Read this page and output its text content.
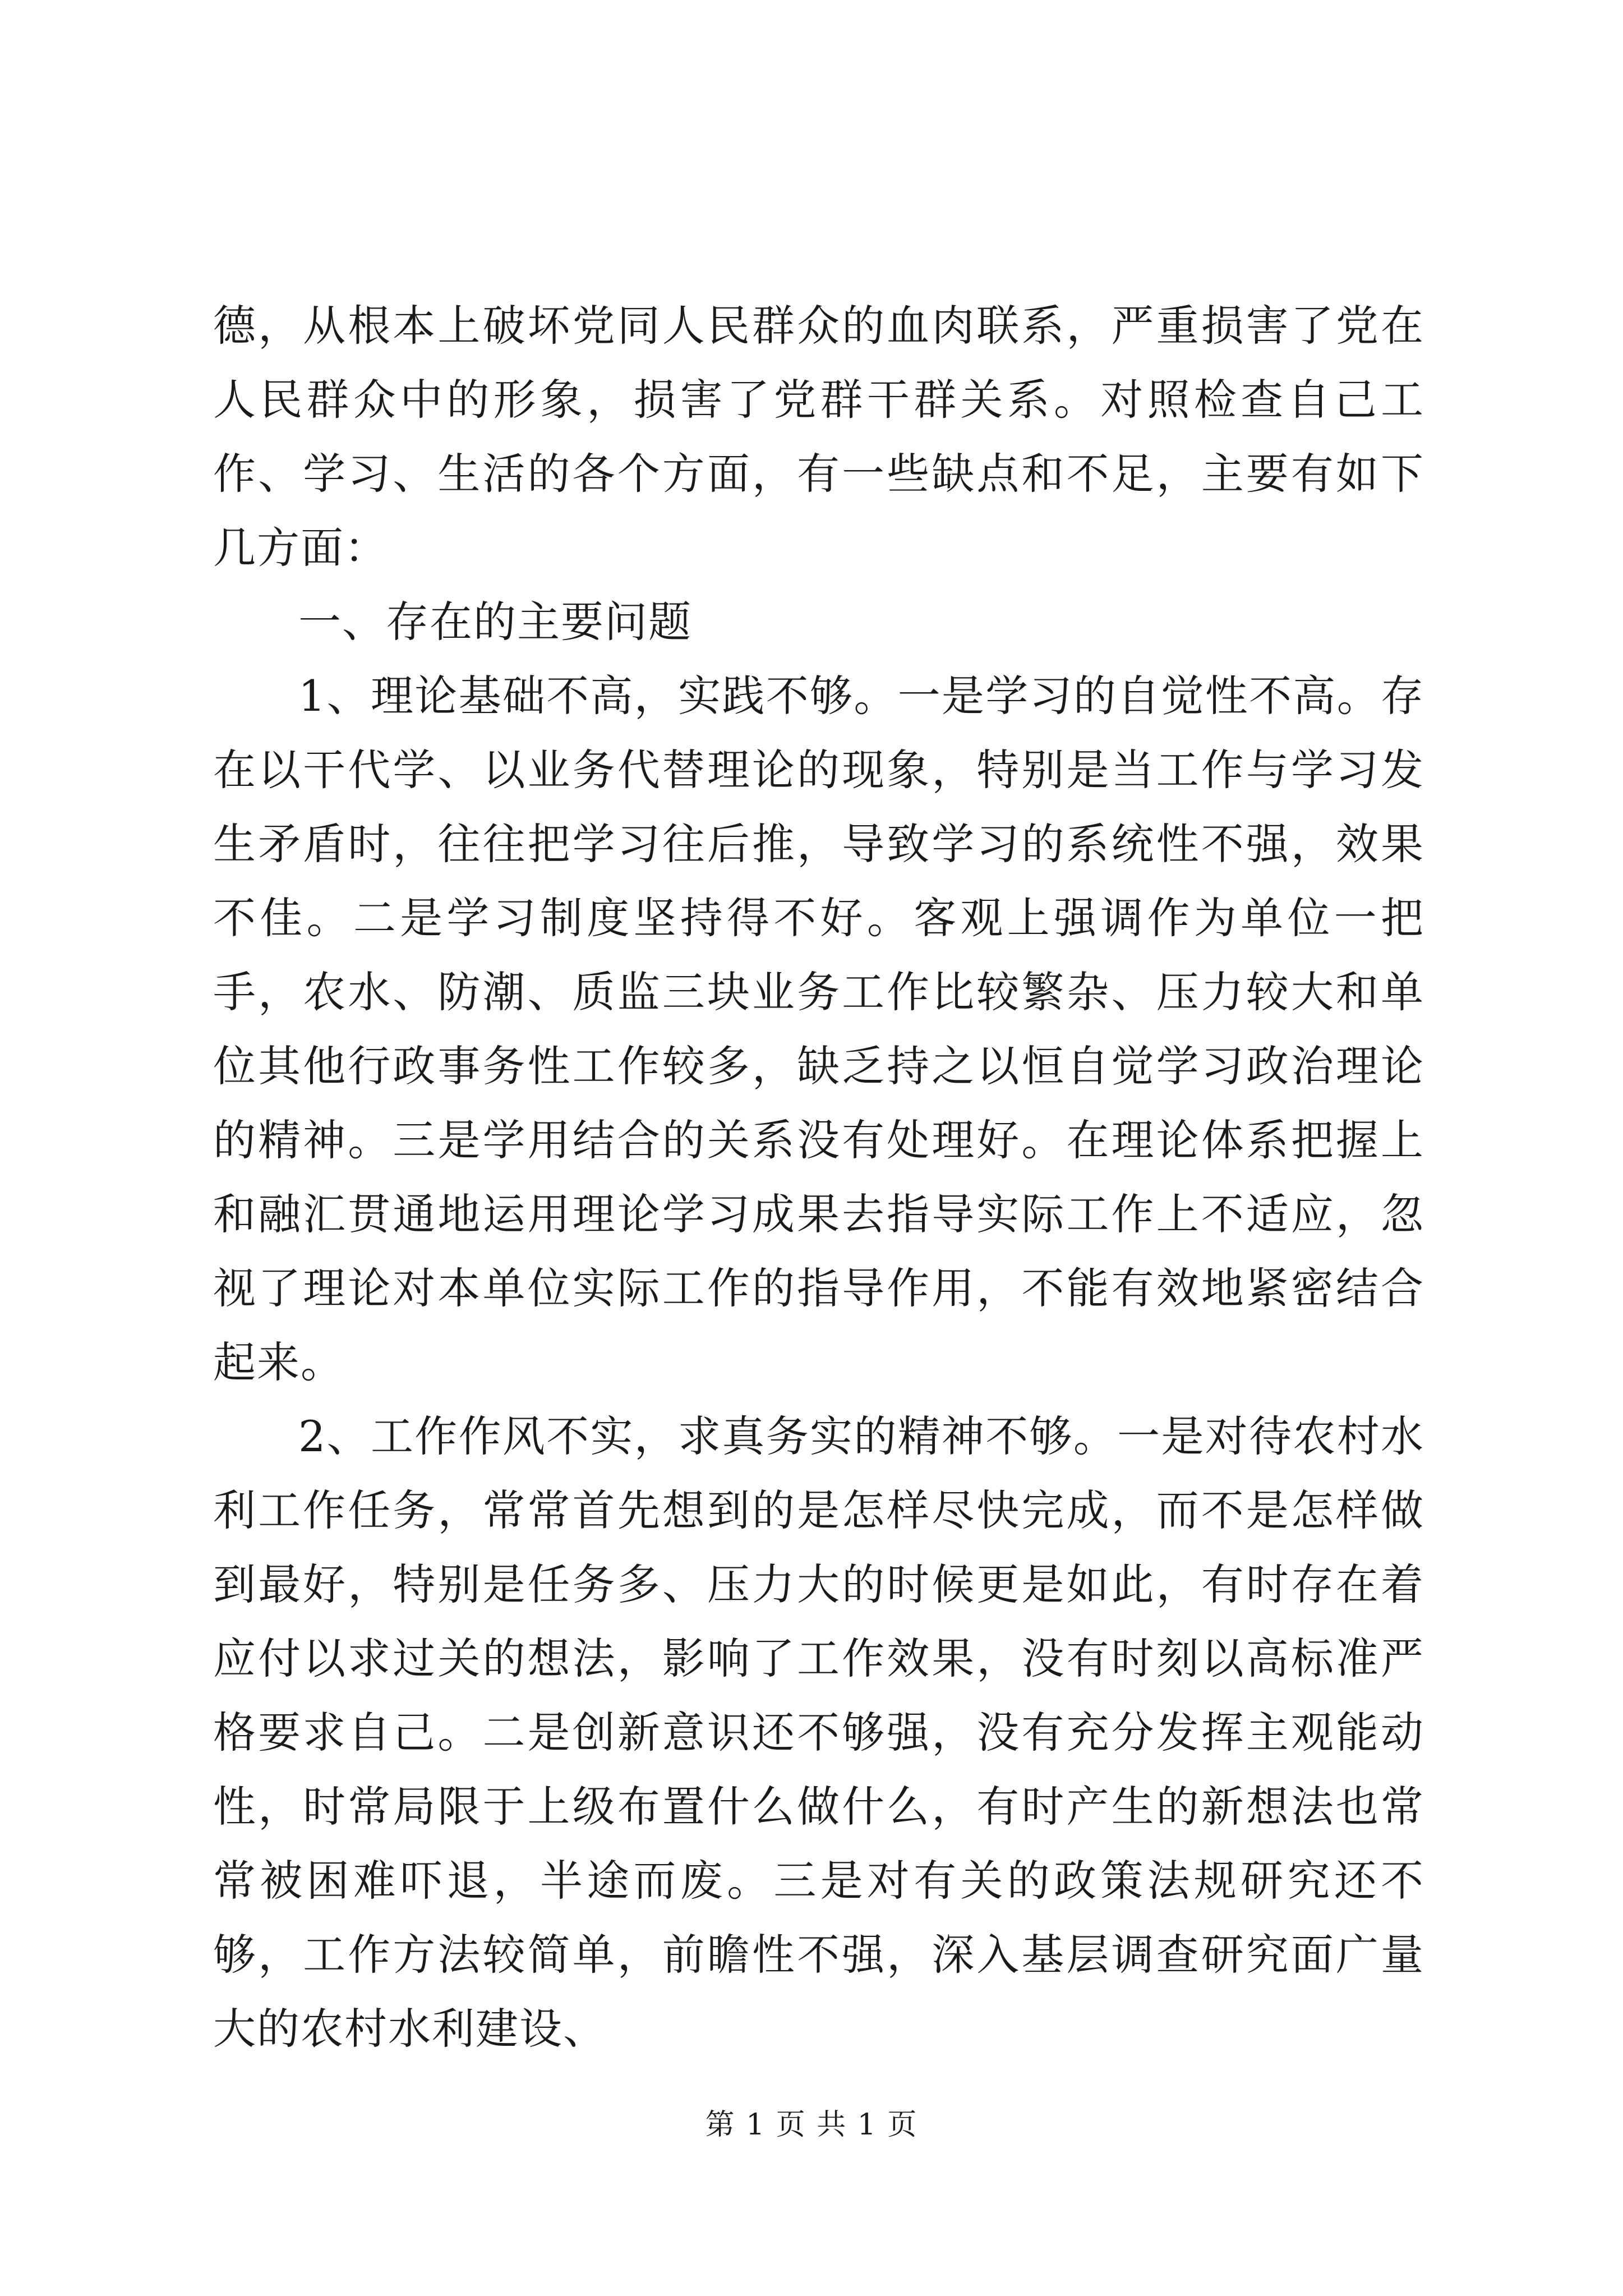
德，从根本上破坏党同人民群众的血肉联系，严重损害了党在人民群众中的形象，损害了党群干群关系。对照检查自己工作、学习、生活的各个方面，有一些缺点和不足，主要有如下几方面：

一、存在的主要问题

1、理论基础不高，实践不够。一是学习的自觉性不高。存在以干代学、以业务代替理论的现象，特别是当工作与学习发生矛盾时，往往把学习往后推，导致学习的系统性不强，效果不佳。二是学习制度坚持得不好。客观上强调作为单位一把手，农水、防潮、质监三块业务工作比较繁杂、压力较大和单位其他行政事务性工作较多，缺乏持之以恒自觉学习政治理论的精神。三是学用结合的关系没有处理好。在理论体系把握上和融汇贯通地运用理论学习成果去指导实际工作上不适应，忽视了理论对本单位实际工作的指导作用，不能有效地紧密结合起来。

2、工作作风不实，求真务实的精神不够。一是对待农村水利工作任务，常常首先想到的是怎样尽快完成，而不是怎样做到最好，特别是任务多、压力大的时候更是如此，有时存在着应付以求过关的想法，影响了工作效果，没有时刻以高标准严格要求自己。二是创新意识还不够强，没有充分发挥主观能动性，时常局限于上级布置什么做什么，有时产生的新想法也常常被困难吓退，半途而废。三是对有关的政策法规研究还不够，工作方法较简单，前瞻性不强，深入基层调查研究面广量大的农村水利建设、

第 1 页 共 1 页
